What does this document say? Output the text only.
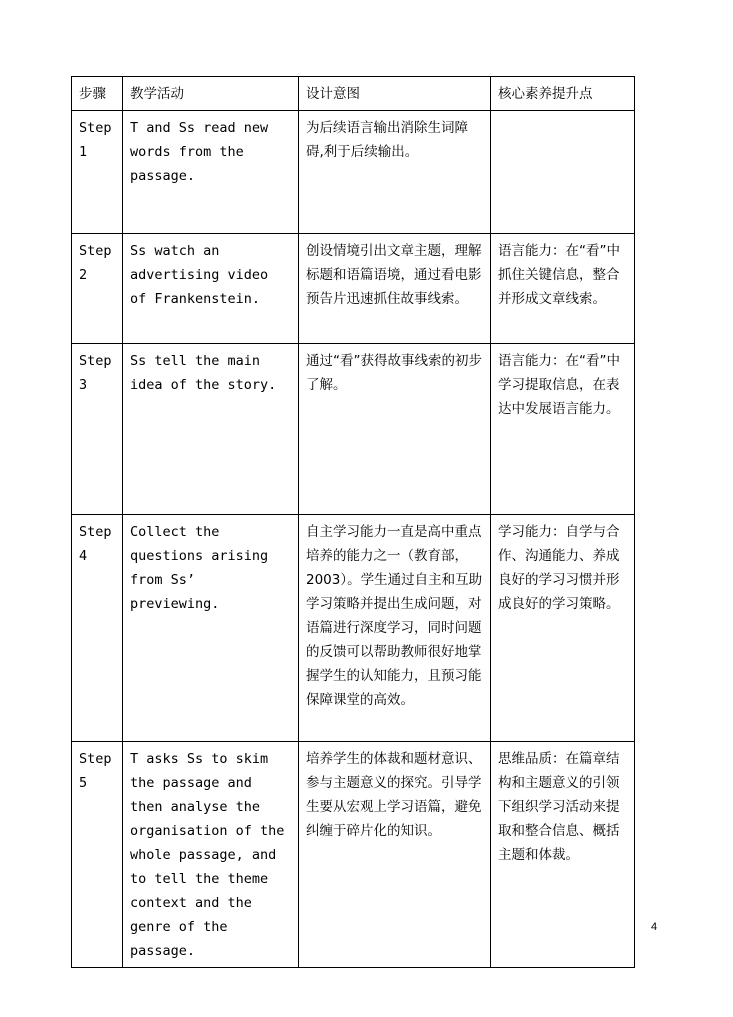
步骤	教学活动	设计意图	核心素养提升点
Step 1	T and Ss read new words from the passage.	为后续语言输出消除生词障碍,利于后续输出。	
Step 2	Ss watch an advertising video of Frankenstein.	创设情境引出文章主题，理解标题和语篇语境，通过看电影预告片迅速抓住故事线索。	语言能力：在“看”中抓住关键信息，整合并形成文章线索。
Step 3	Ss tell the main idea of the story.	通过“看”获得故事线索的初步了解。	语言能力：在“看”中学习提取信息，在表达中发展语言能力。
Step 4	Collect the questions arising from Ss’ previewing.	自主学习能力一直是高中重点培养的能力之一（教育部，2003）。学生通过自主和互助学习策略并提出生成问题，对语篇进行深度学习，同时问题的反馈可以帮助教师很好地掌握学生的认知能力，且预习能保障课堂的高效。	学习能力：自学与合作、沟通能力、养成良好的学习习惯并形成良好的学习策略。
Step 5	T asks Ss to skim the passage and then analyse the organisation of the whole passage, and to tell the theme context and the genre of the passage.	培养学生的体裁和题材意识、参与主题意义的探究。引导学生要从宏观上学习语篇，避免纠缠于碎片化的知识。	思维品质：在篇章结构和主题意义的引领下组织学习活动来提取和整合信息、概括主题和体裁。
4
